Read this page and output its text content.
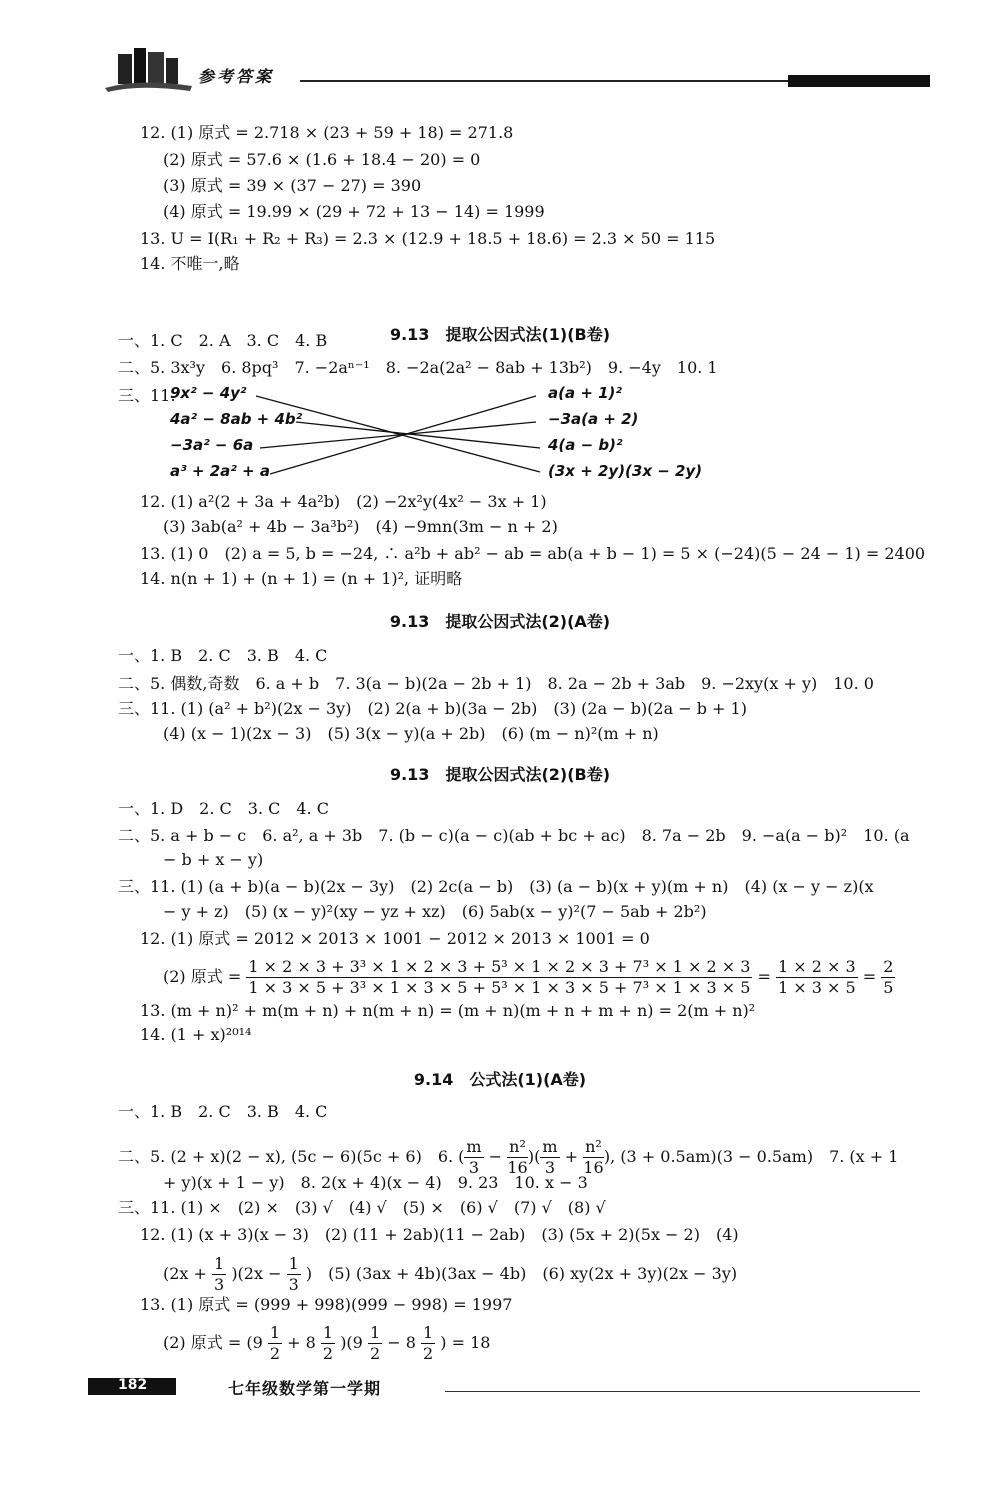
参考答案
12. (1) 原式 = 2.718 × (23 + 59 + 18) = 271.8
(2) 原式 = 57.6 × (1.6 + 18.4 − 20) = 0
(3) 原式 = 39 × (37 − 27) = 390
(4) 原式 = 19.99 × (29 + 72 + 13 − 14) = 1999
13. U = I(R₁ + R₂ + R₃) = 2.3 × (12.9 + 18.5 + 18.6) = 2.3 × 50 = 115
14. 不唯一,略
9.13　提取公因式法(1)(B卷)
一、1. C　2. A　3. C　4. B
二、5. 3x³y　6. 8pq³　7. −2aⁿ⁻¹　8. −2a(2a² − 8ab + 13b²)　9. −4y　10. 1
三、11.
9x² − 4y²
4a² − 8ab + 4b²
−3a² − 6a
a³ + 2a² + a
a(a + 1)²
−3a(a + 2)
4(a − b)²
(3x + 2y)(3x − 2y)
12. (1) a²(2 + 3a + 4a²b)　(2) −2x²y(4x² − 3x + 1)
(3) 3ab(a² + 4b − 3a³b²)　(4) −9mn(3m − n + 2)
13. (1) 0　(2) a = 5, b = −24, ∴ a²b + ab² − ab = ab(a + b − 1) = 5 × (−24)(5 − 24 − 1) = 2400
14. n(n + 1) + (n + 1) = (n + 1)², 证明略
9.13　提取公因式法(2)(A卷)
一、1. B　2. C　3. B　4. C
二、5. 偶数,奇数　6. a + b　7. 3(a − b)(2a − 2b + 1)　8. 2a − 2b + 3ab　9. −2xy(x + y)　10. 0
三、11. (1) (a² + b²)(2x − 3y)　(2) 2(a + b)(3a − 2b)　(3) (2a − b)(2a − b + 1)
(4) (x − 1)(2x − 3)　(5) 3(x − y)(a + 2b)　(6) (m − n)²(m + n)
9.13　提取公因式法(2)(B卷)
一、1. D　2. C　3. C　4. C
二、5. a + b − c　6. a², a + 3b　7. (b − c)(a − c)(ab + bc + ac)　8. 7a − 2b　9. −a(a − b)²　10. (a
− b + x − y)
三、11. (1) (a + b)(a − b)(2x − 3y)　(2) 2c(a − b)　(3) (a − b)(x + y)(m + n)　(4) (x − y − z)(x
− y + z)　(5) (x − y)²(xy − yz + xz)　(6) 5ab(x − y)²(7 − 5ab + 2b²)
12. (1) 原式 = 2012 × 2013 × 1001 − 2012 × 2013 × 1001 = 0
13. (m + n)² + m(m + n) + n(m + n) = (m + n)(m + n + m + n) = 2(m + n)²
14. (1 + x)²⁰¹⁴
(2) 原式 = $\frac{\text{1 × 2 × 3 + 3³ × 1 × 2 × 3 + 5³ × 1 × 2 × 3 + 7³ × 1 × 2 × 3}}{\text{1 × 3 × 5 + 3³ × 1 × 3 × 5 + 5³ × 1 × 3 × 5 + 7³ × 1 × 3 × 5}} = \frac{1 \times 2 \times 3}{1 \times 3 \times 5} = \frac{2}{5}$
9.14　公式法(1)(A卷)
一、1. B　2. C　3. B　4. C
+ y)(x + 1 − y)　8. 2(x + 4)(x − 4)　9. 23　10. x − 3
三、11. (1) ×　(2) ×　(3) √　(4) √　(5) ×　(6) √　(7) √　(8) √
12. (1) (x + 3)(x − 3)　(2) (11 + 2ab)(11 − 2ab)　(3) (5x + 2)(5x − 2)　(4)
13. (1) 原式 = (999 + 998)(999 − 998) = 1997
二、5. (2 + x)(2 − x), (5c − 6)(5c + 6)　6. ( $\frac{m}{3} - \frac{\text{n²}}{16}$ )( $\frac{m}{3} + \frac{\text{n²}}{16}$ ), (3 + 0.5am)(3 − 0.5am)　7. (x + 1
$(2x + \frac{1}{3} )(2x - \frac{1}{3}$ )　(5) (3ax + 4b)(3ax − 4b)　(6) xy(2x + 3y)(2x − 3y)
(2) 原式 = $(9 \frac{1}{2} + 8 \frac{1}{2} )(9 \frac{1}{2} - 8 \frac{1}{2}$ ) = 18
182	七年级数学第一学期
